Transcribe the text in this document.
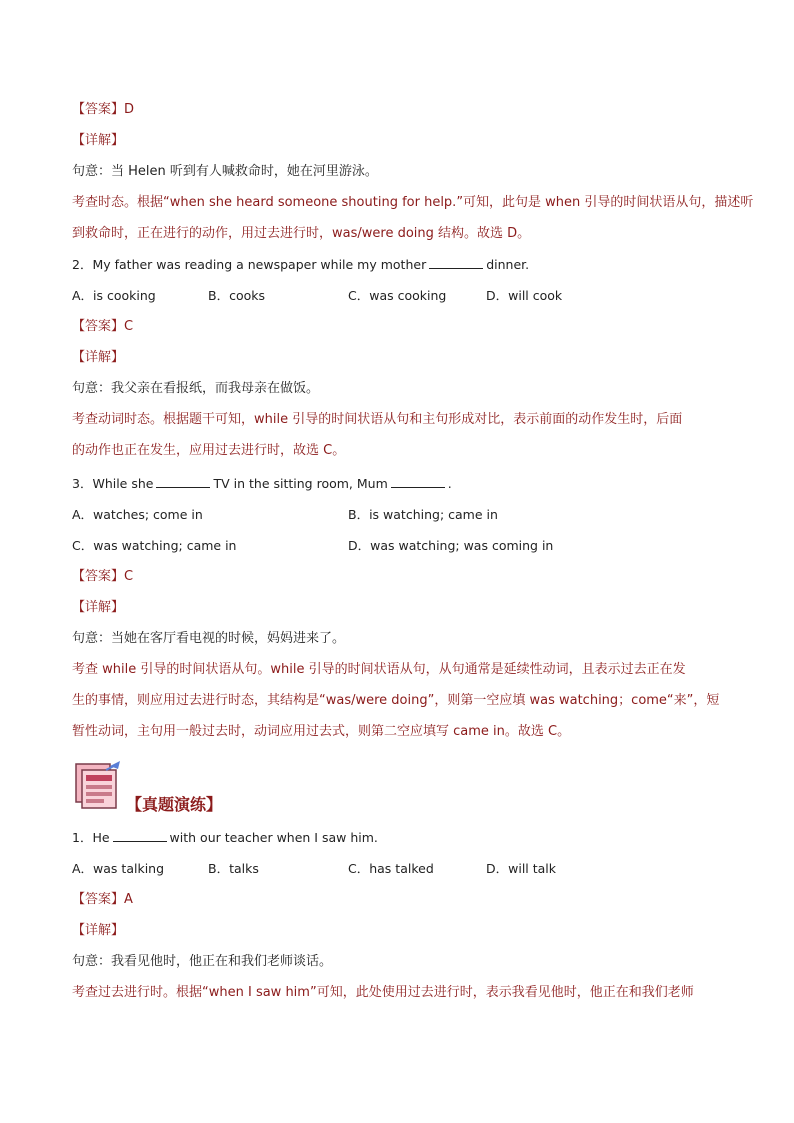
【答案】D
【详解】
句意：当 Helen 听到有人喊救命时，她在河里游泳。
考查时态。根据“when she heard someone shouting for help.”可知，此句是 when 引导的时间状语从句，描述听
到救命时，正在进行的动作，用过去进行时，was/were doing 结构。故选 D。
2．My father was reading a newspaper while my mother	dinner.
A．is cooking	B．cooks	C．was cooking	D．will cook
【答案】C
【详解】
句意：我父亲在看报纸，而我母亲在做饭。
考查动词时态。根据题干可知，while 引导的时间状语从句和主句形成对比，表示前面的动作发生时，后面
的动作也正在发生，应用过去进行时，故选 C。
3．While she	TV in the sitting room, Mum	.
A．watches; come in	B．is watching; came in
C．was watching; came in	D．was watching; was coming in
【答案】C
【详解】
句意：当她在客厅看电视的时候，妈妈进来了。
考查 while 引导的时间状语从句。while 引导的时间状语从句，从句通常是延续性动词，且表示过去正在发
生的事情，则应用过去进行时态，其结构是“was/were doing”，则第一空应填 was watching；come“来”，短
暂性动词，主句用一般过去时，动词应用过去式，则第二空应填写 came in。故选 C。
【真题演练】
1．He	with our teacher when I saw him.
A．was talking	B．talks	C．has talked	D．will talk
【答案】A
【详解】
句意：我看见他时，他正在和我们老师谈话。
考查过去进行时。根据“when I saw him”可知，此处使用过去进行时，表示我看见他时，他正在和我们老师
